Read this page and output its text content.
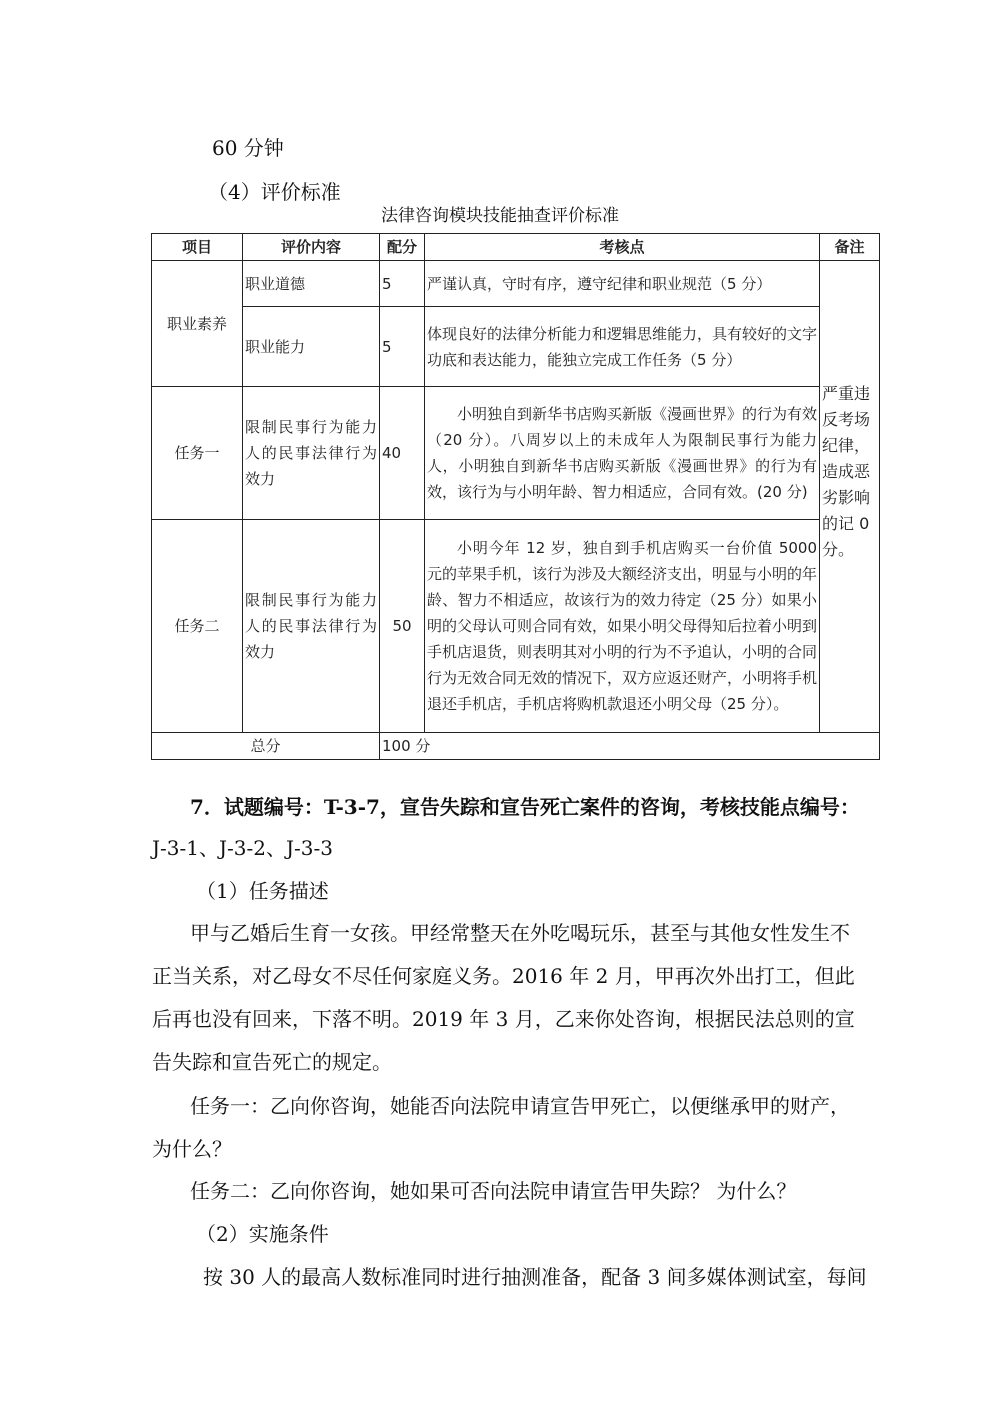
60 分钟
（4）评价标准
法律咨询模块技能抽查评价标准
项目	评价内容	配分	考核点	备注
职业素养	职业道德	5	严谨认真，守时有序，遵守纪律和职业规范（5 分）	严重违反考场纪律，造成恶劣影响的记 0 分。
	职业能力	5	体现良好的法律分析能力和逻辑思维能力，具有较好的文字功底和表达能力，能独立完成工作任务（5 分）	
任务一	限制民事行为能力人的民事法律行为效力	40	小明独自到新华书店购买新版《漫画世界》的行为有效（20 分）。八周岁以上的未成年人为限制民事行为能力人，小明独自到新华书店购买新版《漫画世界》的行为有效，该行为与小明年龄、智力相适应，合同有效。(20 分)	
任务二	限制民事行为能力人的民事法律行为效力	50	小明今年 12 岁，独自到手机店购买一台价值 5000 元的苹果手机，该行为涉及大额经济支出，明显与小明的年龄、智力不相适应，故该行为的效力待定（25 分）如果小明的父母认可则合同有效，如果小明父母得知后拉着小明到手机店退货，则表明其对小明的行为不予追认，小明的合同行为无效合同无效的情况下，双方应返还财产，小明将手机退还手机店，手机店将购机款退还小明父母（25 分）。	
总分		100 分		
7．试题编号：T-3-7，宣告失踪和宣告死亡案件的咨询，考核技能点编号：
J-3-1、J-3-2、J-3-3
（1）任务描述
甲与乙婚后生育一女孩。甲经常整天在外吃喝玩乐，甚至与其他女性发生不
正当关系，对乙母女不尽任何家庭义务。2016 年 2 月，甲再次外出打工，但此
后再也没有回来，下落不明。2019 年 3 月，乙来你处咨询，根据民法总则的宣
告失踪和宣告死亡的规定。
任务一：乙向你咨询，她能否向法院申请宣告甲死亡，以便继承甲的财产，
为什么？
任务二：乙向你咨询，她如果可否向法院申请宣告甲失踪？ 为什么？
（2）实施条件
按 30 人的最高人数标准同时进行抽测准备，配备 3 间多媒体测试室，每间
